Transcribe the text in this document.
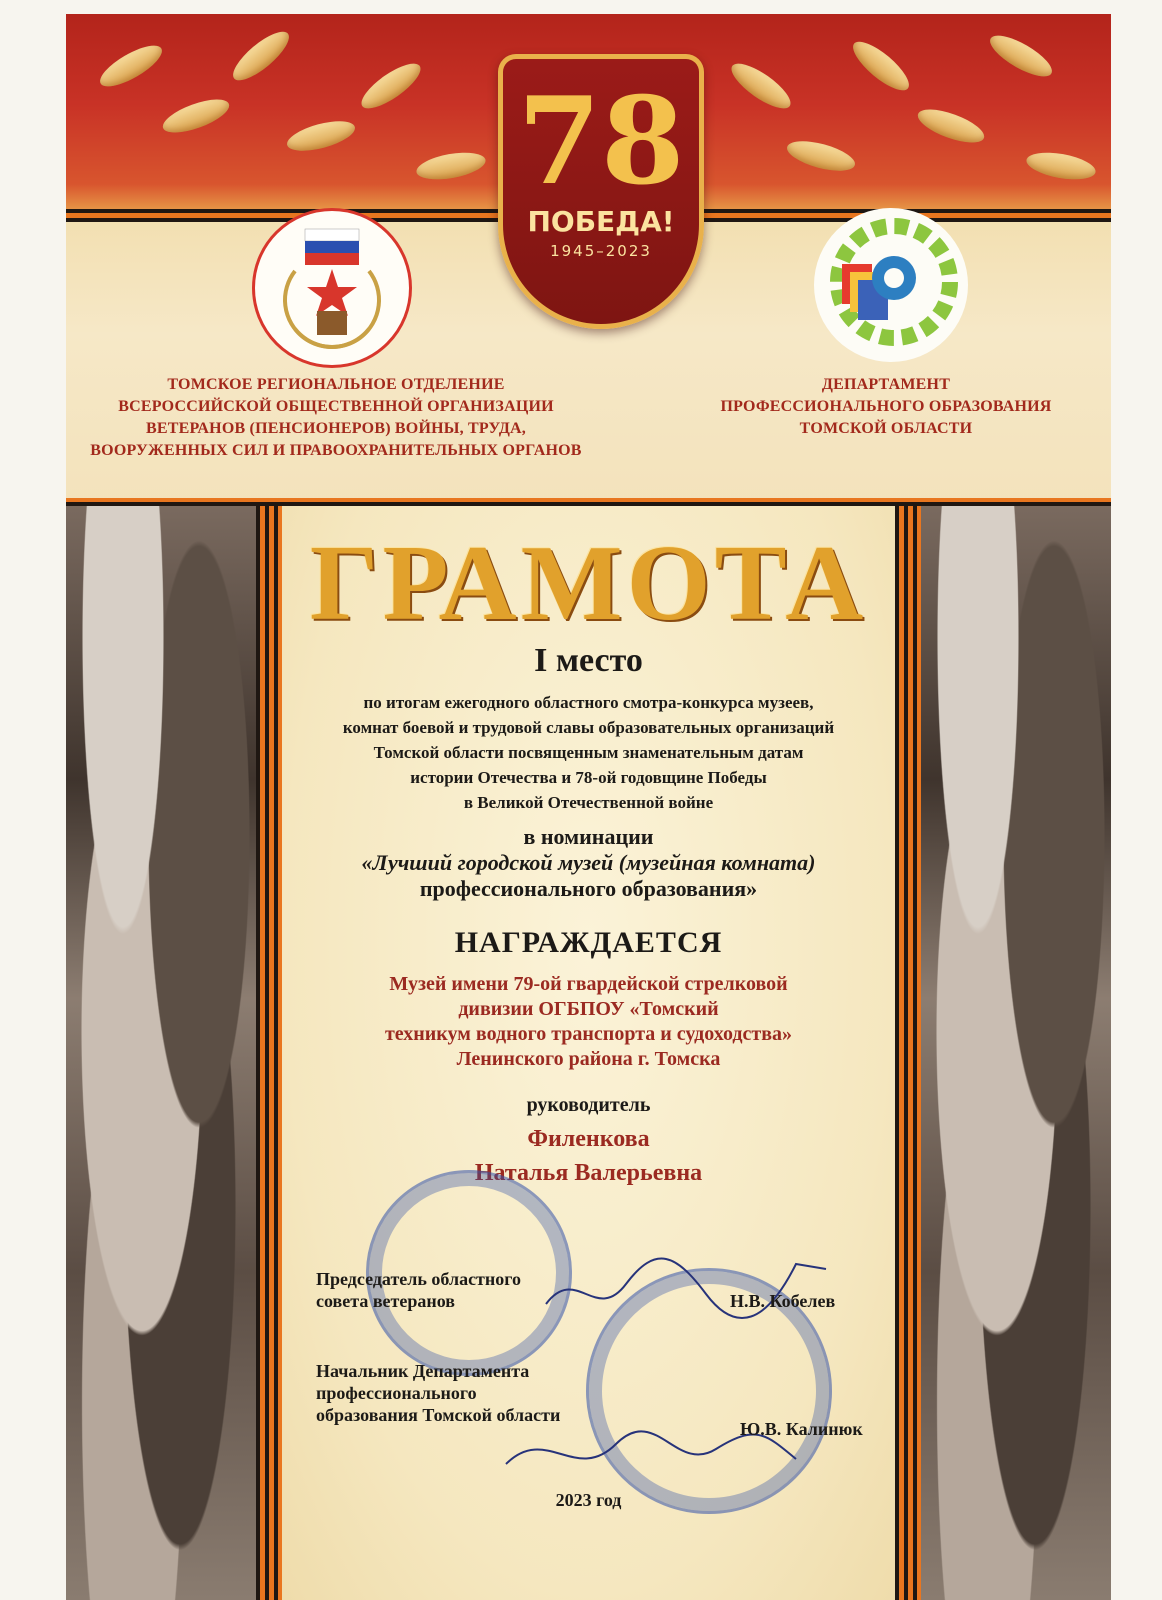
78
ПОБЕДА!
1945–2023
ТОМСКОЕ РЕГИОНАЛЬНОЕ ОТДЕЛЕНИЕ
ВСЕРОССИЙСКОЙ ОБЩЕСТВЕННОЙ ОРГАНИЗАЦИИ
ВЕТЕРАНОВ (ПЕНСИОНЕРОВ) ВОЙНЫ, ТРУДА,
ВООРУЖЕННЫХ СИЛ И ПРАВООХРАНИТЕЛЬНЫХ ОРГАНОВ
ДЕПАРТАМЕНТ
ПРОФЕССИОНАЛЬНОГО ОБРАЗОВАНИЯ
ТОМСКОЙ ОБЛАСТИ
ГРАМОТА
I место
по итогам ежегодного областного смотра-конкурса музеев,
комнат боевой и трудовой славы образовательных организаций
Томской области посвященным знаменательным датам
истории Отечества и 78-ой годовщине Победы
в Великой Отечественной войне
в номинации
«Лучший городской музей (музейная комната)
профессионального образования»
НАГРАЖДАЕТСЯ
Музей имени 79-ой гвардейской стрелковой
дивизии ОГБПОУ «Томский
техникум водного транспорта и судоходства»
Ленинского района г. Томска
руководитель
Филенкова
Наталья Валерьевна
Председатель областного
совета ветеранов	Н.В. Кобелев
Начальник Департамента
профессионального
образования Томской области
Ю.В. Калинюк
2023 год
